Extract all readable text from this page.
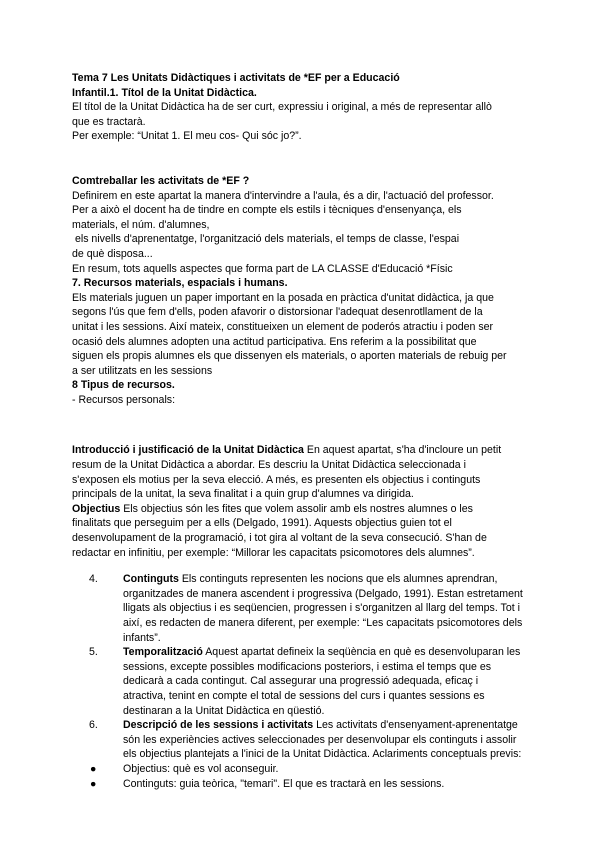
Tema 7 Les Unitats Didàctiques i activitats de *EF per a Educació
Infantil.1. Títol de la Unitat Didàctica.
El títol de la Unitat Didàctica ha de ser curt, expressiu i original, a més de representar allò
que es tractarà.
Per exemple: “Unitat 1. El meu cos- Qui sóc jo?”.
Comtreballar les activitats de *EF ?
Definirem en este apartat la manera d'intervindre a l'aula, és a dir, l'actuació del professor.
Per a això el docent ha de tindre en compte els estils i tècniques d'ensenyança, els
materials, el núm. d'alumnes,
els nivells d'aprenentatge, l'organització dels materials, el temps de classe, l'espai
de què disposa...
En resum, tots aquells aspectes que forma part de LA CLASSE d'Educació *Físic
7. Recursos materials, espacials i humans.
Els materials juguen un paper important en la posada en pràctica d'unitat didàctica, ja que
segons l'ús que fem d'ells, poden afavorir o distorsionar l'adequat desenrotllament de la
unitat i les sessions. Així mateix, constitueixen un element de poderós atractiu i poden ser
ocasió dels alumnes adopten una actitud participativa. Ens referim a la possibilitat que
siguen els propis alumnes els que dissenyen els materials, o aporten materials de rebuig per
a ser utilitzats en les sessions
8 Tipus de recursos.
- Recursos personals:
Introducció i justificació de la Unitat Didàctica En aquest apartat, s'ha d'incloure un petit
resum de la Unitat Didàctica a abordar. Es descriu la Unitat Didàctica seleccionada i
s'exposen els motius per la seva elecció. A més, es presenten els objectius i continguts
principals de la unitat, la seva finalitat i a quin grup d'alumnes va dirigida.
Objectius Els objectius són les fites que volem assolir amb els nostres alumnes o les
finalitats que perseguim per a ells (Delgado, 1991). Aquests objectius guien tot el
desenvolupament de la programació, i tot gira al voltant de la seva consecució. S'han de
redactar en infinitiu, per exemple: “Millorar les capacitats psicomotores dels alumnes”.
4. Continguts Els continguts representen les nocions que els alumnes aprendran,
organitzades de manera ascendent i progressiva (Delgado, 1991). Estan estretament
lligats als objectius i es seqüencien, progressen i s'organitzen al llarg del temps. Tot i
així, es redacten de manera diferent, per exemple: “Les capacitats psicomotores dels
infants”.
5. Temporalització Aquest apartat defineix la seqüència en què es desenvoluparan les
sessions, excepte possibles modificacions posteriors, i estima el temps que es
dedicarà a cada contingut. Cal assegurar una progressió adequada, eficaç i
atractiva, tenint en compte el total de sessions del curs i quantes sessions es
destinaran a la Unitat Didàctica en qüestió.
6. Descripció de les sessions i activitats Les activitats d'ensenyament-aprenentatge
són les experiències actives seleccionades per desenvolupar els continguts i assolir
els objectius plantejats a l'inici de la Unitat Didàctica. Aclariments conceptuals previs:
●	Objectius: què es vol aconseguir.
●	Continguts: guia teòrica, "temari". El que es tractarà en les sessions.
